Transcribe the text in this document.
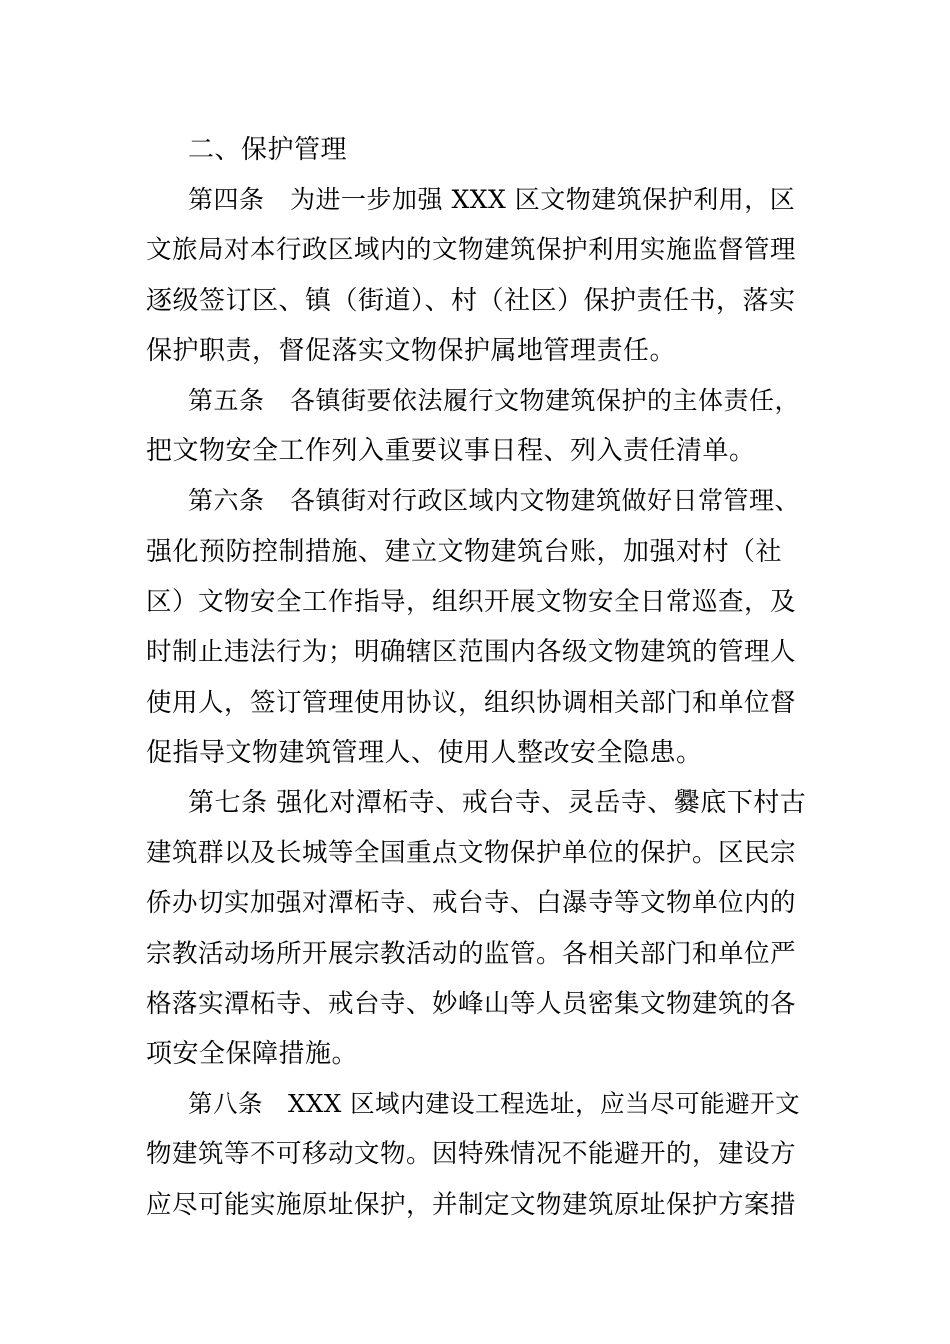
二、保护管理
第四条　为进一步加强 XXX 区文物建筑保护利用，区
文旅局对本行政区域内的文物建筑保护利用实施监督管理
逐级签订区、镇（街道）、村（社区）保护责任书，落实
保护职责，督促落实文物保护属地管理责任。
第五条　各镇街要依法履行文物建筑保护的主体责任，
把文物安全工作列入重要议事日程、列入责任清单。
第六条　各镇街对行政区域内文物建筑做好日常管理、
强化预防控制措施、建立文物建筑台账，加强对村（社
区）文物安全工作指导，组织开展文物安全日常巡查，及
时制止违法行为；明确辖区范围内各级文物建筑的管理人
使用人，签订管理使用协议，组织协调相关部门和单位督
促指导文物建筑管理人、使用人整改安全隐患。
第七条 强化对潭柘寺、戒台寺、灵岳寺、爨底下村古
建筑群以及长城等全国重点文物保护单位的保护。区民宗
侨办切实加强对潭柘寺、戒台寺、白瀑寺等文物单位内的
宗教活动场所开展宗教活动的监管。各相关部门和单位严
格落实潭柘寺、戒台寺、妙峰山等人员密集文物建筑的各
项安全保障措施。
第八条　XXX 区域内建设工程选址，应当尽可能避开文
物建筑等不可移动文物。因特殊情况不能避开的，建设方
应尽可能实施原址保护，并制定文物建筑原址保护方案措
